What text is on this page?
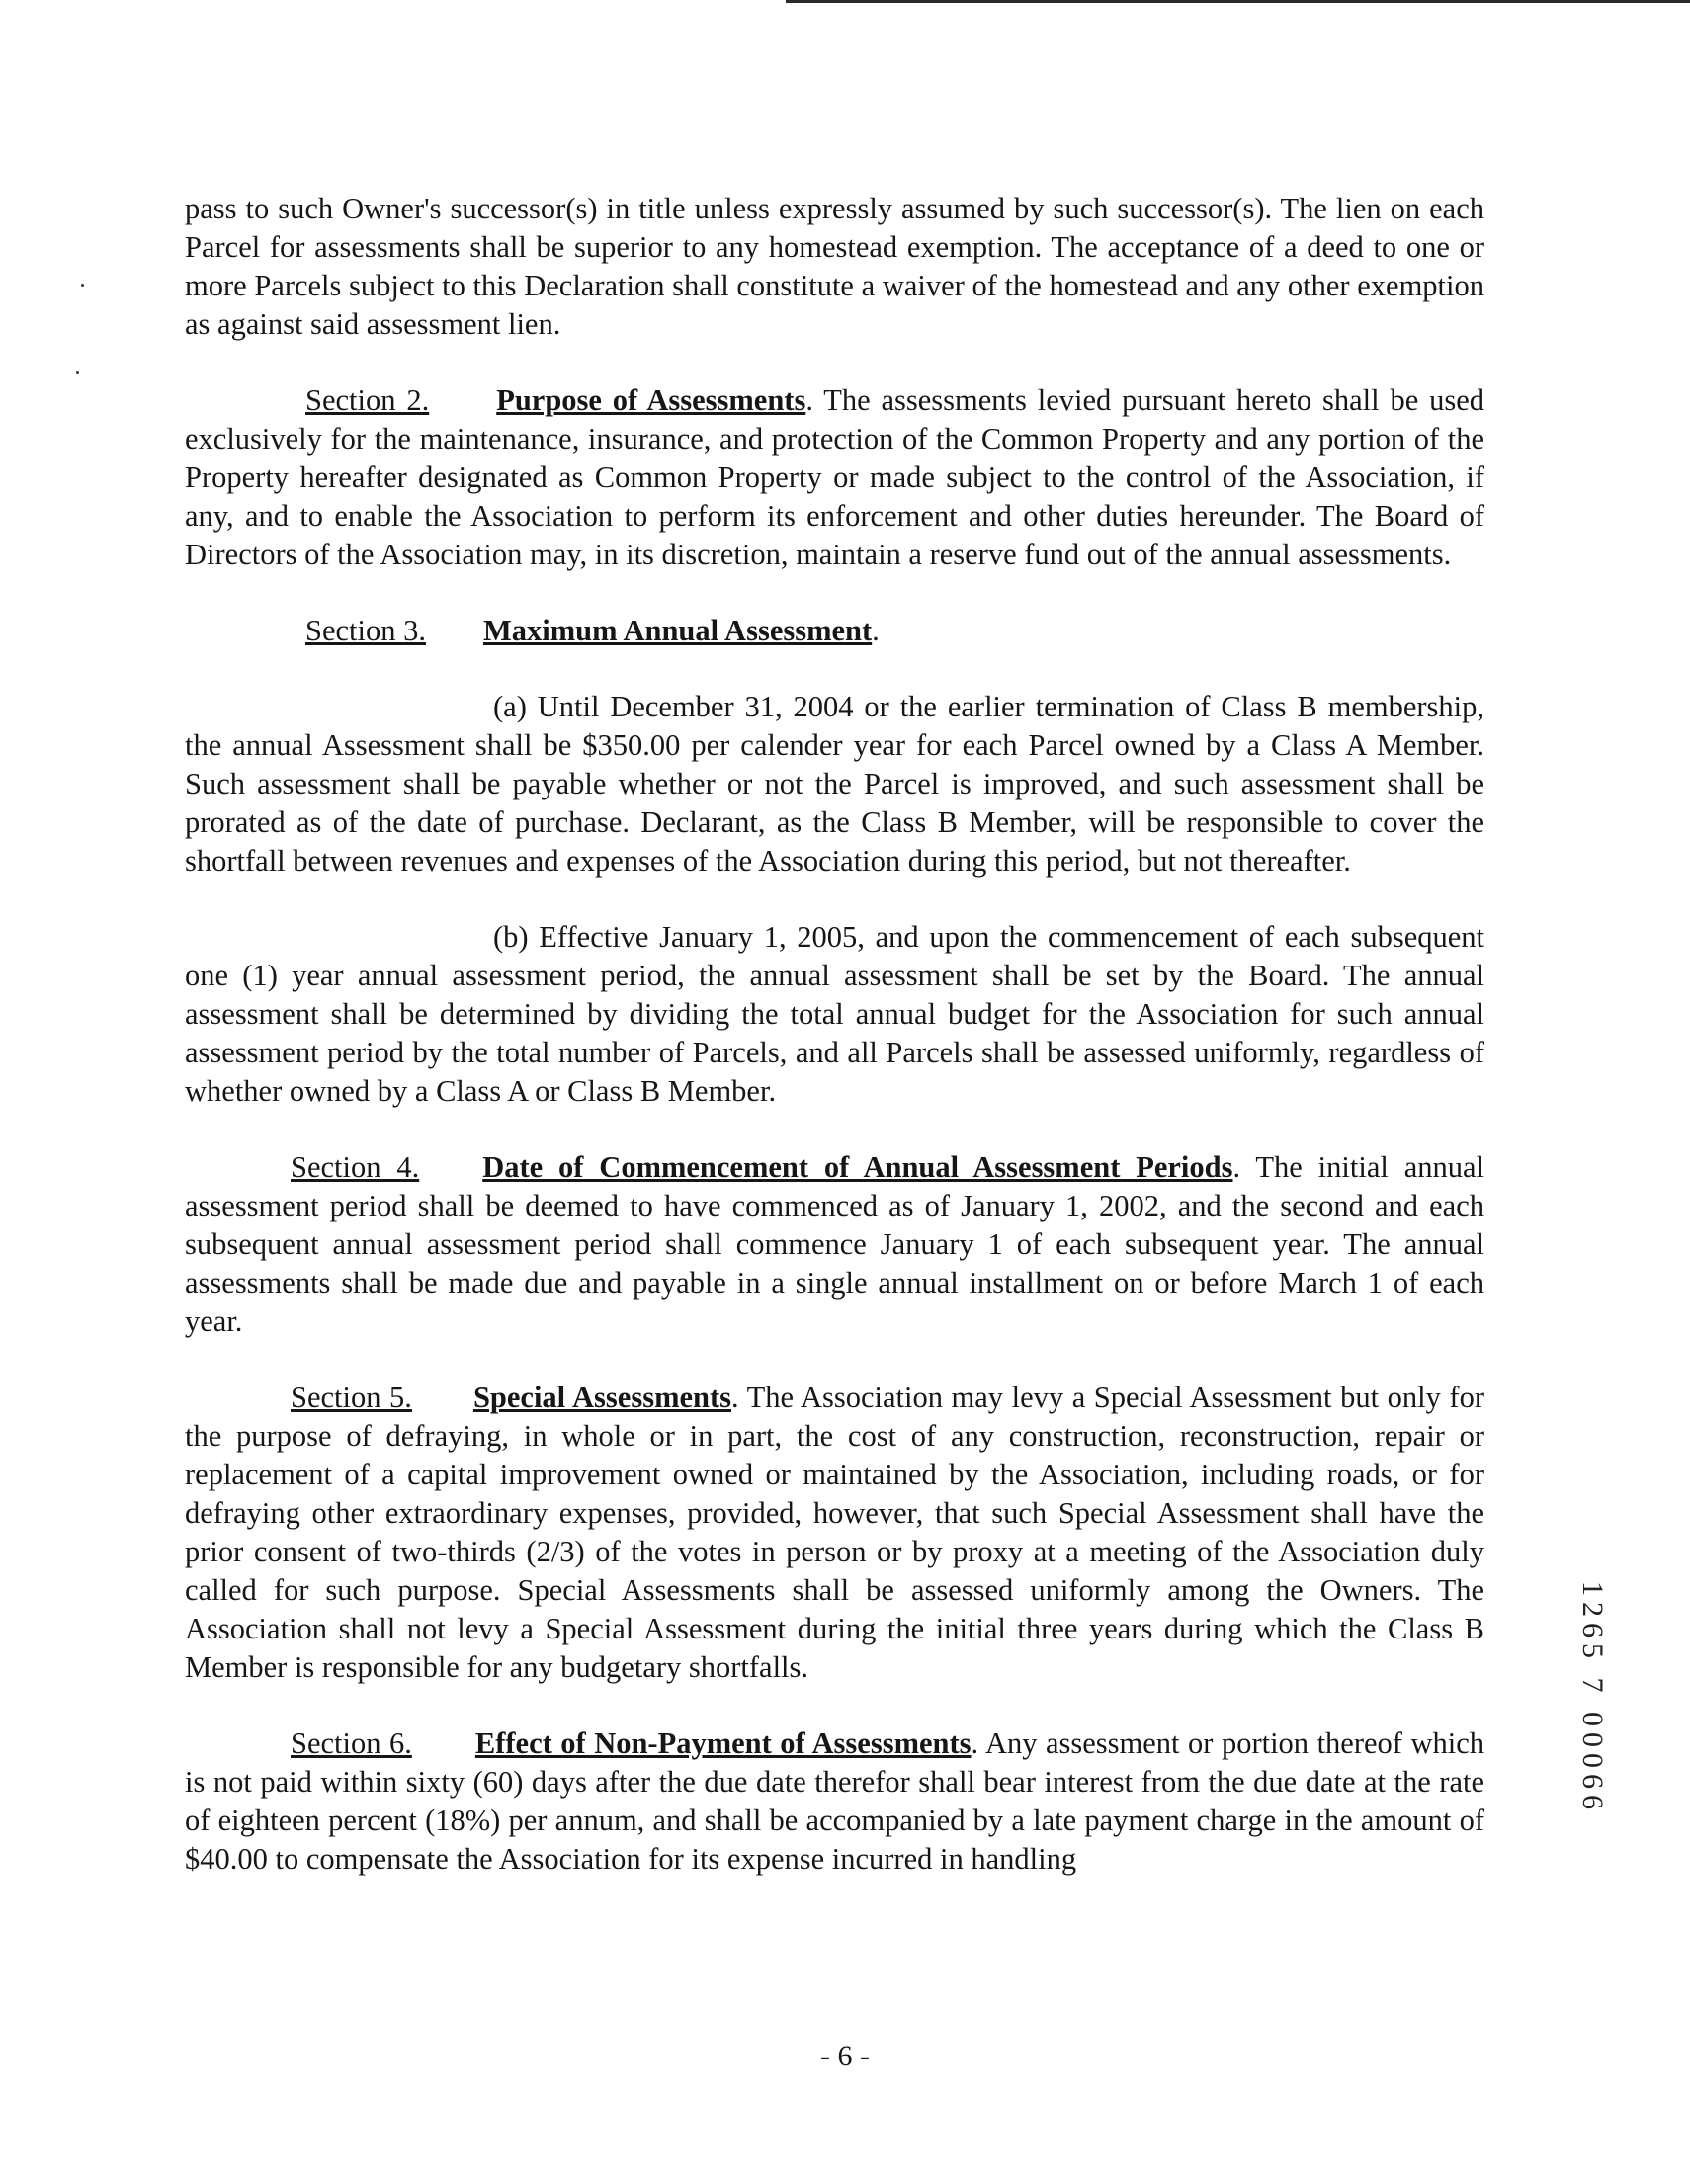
pass to such Owner's successor(s) in title unless expressly assumed by such successor(s). The lien on each Parcel for assessments shall be superior to any homestead exemption. The acceptance of a deed to one or more Parcels subject to this Declaration shall constitute a waiver of the homestead and any other exemption as against said assessment lien.

Section 2. Purpose of Assessments. The assessments levied pursuant hereto shall be used exclusively for the maintenance, insurance, and protection of the Common Property and any portion of the Property hereafter designated as Common Property or made subject to the control of the Association, if any, and to enable the Association to perform its enforcement and other duties hereunder. The Board of Directors of the Association may, in its discretion, maintain a reserve fund out of the annual assessments.

Section 3. Maximum Annual Assessment.

(a) Until December 31, 2004 or the earlier termination of Class B membership, the annual Assessment shall be $350.00 per calender year for each Parcel owned by a Class A Member. Such assessment shall be payable whether or not the Parcel is improved, and such assessment shall be prorated as of the date of purchase. Declarant, as the Class B Member, will be responsible to cover the shortfall between revenues and expenses of the Association during this period, but not thereafter.

(b) Effective January 1, 2005, and upon the commencement of each subsequent one (1) year annual assessment period, the annual assessment shall be set by the Board. The annual assessment shall be determined by dividing the total annual budget for the Association for such annual assessment period by the total number of Parcels, and all Parcels shall be assessed uniformly, regardless of whether owned by a Class A or Class B Member.

Section 4. Date of Commencement of Annual Assessment Periods. The initial annual assessment period shall be deemed to have commenced as of January 1, 2002, and the second and each subsequent annual assessment period shall commence January 1 of each subsequent year. The annual assessments shall be made due and payable in a single annual installment on or before March 1 of each year.

Section 5. Special Assessments. The Association may levy a Special Assessment but only for the purpose of defraying, in whole or in part, the cost of any construction, reconstruction, repair or replacement of a capital improvement owned or maintained by the Association, including roads, or for defraying other extraordinary expenses, provided, however, that such Special Assessment shall have the prior consent of two-thirds (2/3) of the votes in person or by proxy at a meeting of the Association duly called for such purpose. Special Assessments shall be assessed uniformly among the Owners. The Association shall not levy a Special Assessment during the initial three years during which the Class B Member is responsible for any budgetary shortfalls.

Section 6. Effect of Non-Payment of Assessments. Any assessment or portion thereof which is not paid within sixty (60) days after the due date therefor shall bear interest from the due date at the rate of eighteen percent (18%) per annum, and shall be accompanied by a late payment charge in the amount of $40.00 to compensate the Association for its expense incurred in handling

- 6 -
1265 7 00066
